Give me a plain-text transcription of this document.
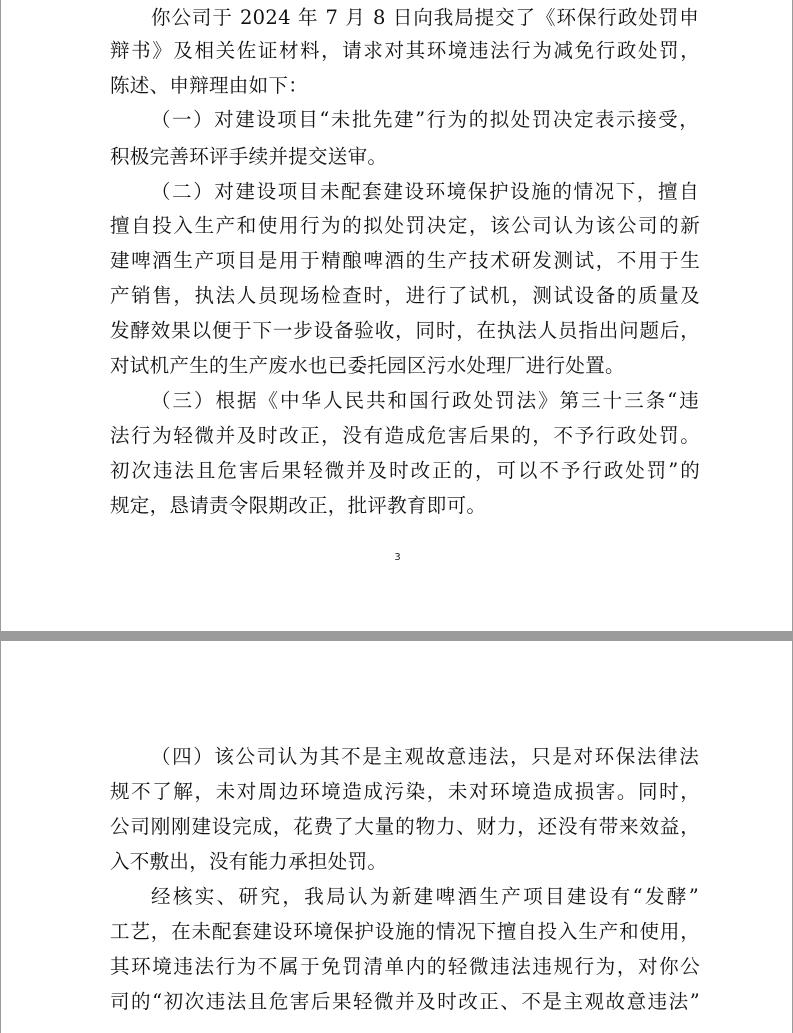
你公司于 2024 年 7 月 8 日向我局提交了《环保行政处罚申
辩书》及相关佐证材料，请求对其环境违法行为减免行政处罚，
陈述、申辩理由如下：
（一）对建设项目“未批先建”行为的拟处罚决定表示接受，
积极完善环评手续并提交送审。
（二）对建设项目未配套建设环境保护设施的情况下，擅自
擅自投入生产和使用行为的拟处罚决定，该公司认为该公司的新
建啤酒生产项目是用于精酿啤酒的生产技术研发测试，不用于生
产销售，执法人员现场检查时，进行了试机，测试设备的质量及
发酵效果以便于下一步设备验收，同时，在执法人员指出问题后，
对试机产生的生产废水也已委托园区污水处理厂进行处置。
（三）根据《中华人民共和国行政处罚法》第三十三条“违
法行为轻微并及时改正，没有造成危害后果的，不予行政处罚。
初次违法且危害后果轻微并及时改正的，可以不予行政处罚”的
规定，恳请责令限期改正，批评教育即可。
3
（四）该公司认为其不是主观故意违法，只是对环保法律法
规不了解，未对周边环境造成污染，未对环境造成损害。同时，
公司刚刚建设完成，花费了大量的物力、财力，还没有带来效益，
入不敷出，没有能力承担处罚。
经核实、研究，我局认为新建啤酒生产项目建设有“发酵”
工艺，在未配套建设环境保护设施的情况下擅自投入生产和使用，
其环境违法行为不属于免罚清单内的轻微违法违规行为，对你公
司的“初次违法且危害后果轻微并及时改正、不是主观故意违法”
